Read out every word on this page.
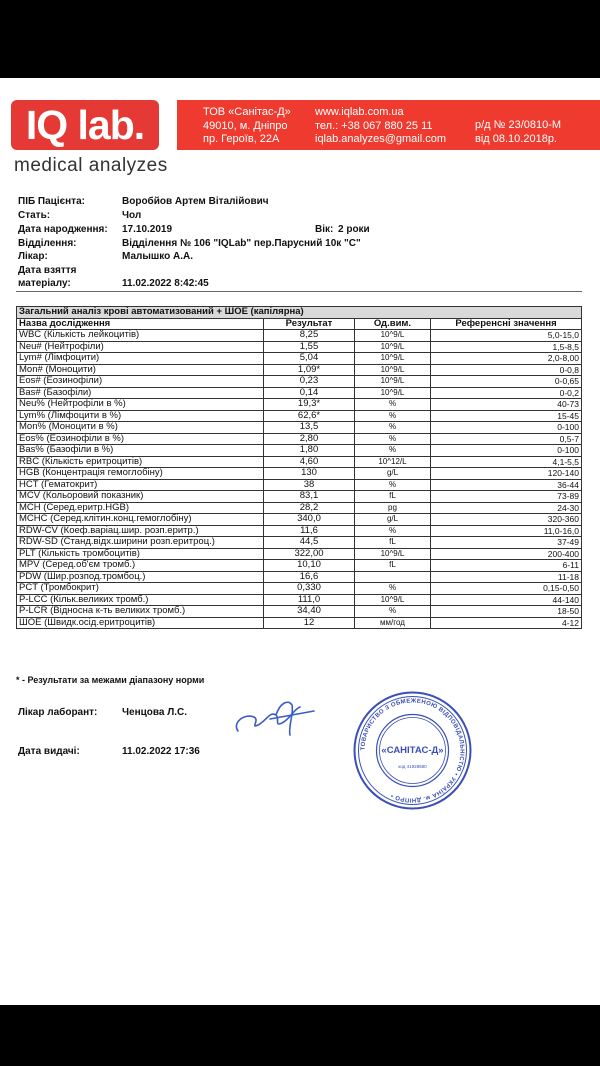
IQ lab.
medical analyzes
ТОВ «Санітас-Д»
49010, м. Дніпро
пр. Героїв, 22А
www.iqlab.com.ua
тел.: +38 067 880 25 11
iqlab.analyzes@gmail.com
р/д № 23/0810-М
від 08.10.2018р.
ПІБ Пацієнта:	Воробйов Артем Віталійович
Стать:	Чол
Дата народження: 17.10.2019	Вік: 2 роки
Відділення:	Відділення № 106 "IQLab" пер.Парусний 10к "С"
Лікар:	Малышко А.А.
Дата взяття
матеріалу:	11.02.2022 8:42:45
Загальний аналіз крові автоматизований + ШОЕ (капілярна)			
Назва дослідження	Результат	Од.вим.	Референсні значення
WBC (Кількість лейкоцитів)	8,25	10^9/L	5,0-15,0
Neu# (Нейтрофіли)	1,55	10^9/L	1,5-8,5
Lym# (Лімфоцити)	5,04	10^9/L	2,0-8,00
Mon# (Моноцити)	1,09*	10^9/L	0-0,8
Eos# (Еозинофіли)	0,23	10^9/L	0-0,65
Bas# (Базофіли)	0,14	10^9/L	0-0,2
Neu% (Нейтрофіли в %)	19,3*	%	40-73
Lym% (Лімфоцити в %)	62,6*	%	15-45
Mon% (Моноцити в %)	13,5	%	0-100
Eos% (Еозинофіли в %)	2,80	%	0,5-7
Bas% (Базофіли в %)	1,80	%	0-100
RBC (Кількість еритроцитів)	4,60	10^12/L	4,1-5,5
HGB (Концентрація гемоглобіну)	130	g/L	120-140
HCT (Гематокрит)	38	%	36-44
MCV (Кольоровий показник)	83,1	fL	73-89
MCH (Серед.еритр.HGB)	28,2	pg	24-30
MCHC (Серед.клітин.конц.гемоглобіну)	340,0	g/L	320-360
RDW-CV (Коеф.варіац.шир. розп.еритр.)	11,6	%	11,0-16,0
RDW-SD (Станд.відх.ширини розп.еритроц.)	44,5	fL	37-49
PLT (Кількість тромбоцитів)	322,00	10^9/L	200-400
MPV (Серед.об'єм тромб.)	10,10	fL	6-11
PDW (Шир.розпод.тромбоц.)	16,6		11-18
PCT (Тромбокрит)	0,330	%	0,15-0,50
P-LCC (Кільк.великих тромб.)	111,0	10^9/L	44-140
P-LCR (Відносна к-ть великих тромб.)	34,40	%	18-50
ШОЕ (Швидк.осід.еритроцитів)	12	мм/год	4-12
* - Результати за межами діапазону норми
Лікар лаборант: Ченцова Л.С.
Дата видачі:	11.02.2022 17:36	ТОВАРИСТВО З ОБМЕЖЕНОЮ ВІДПОВІДАЛЬНІСТЮ • УКРАЇНА м. ДНІПРО •
«САНІТАС-Д»
код 41928680
